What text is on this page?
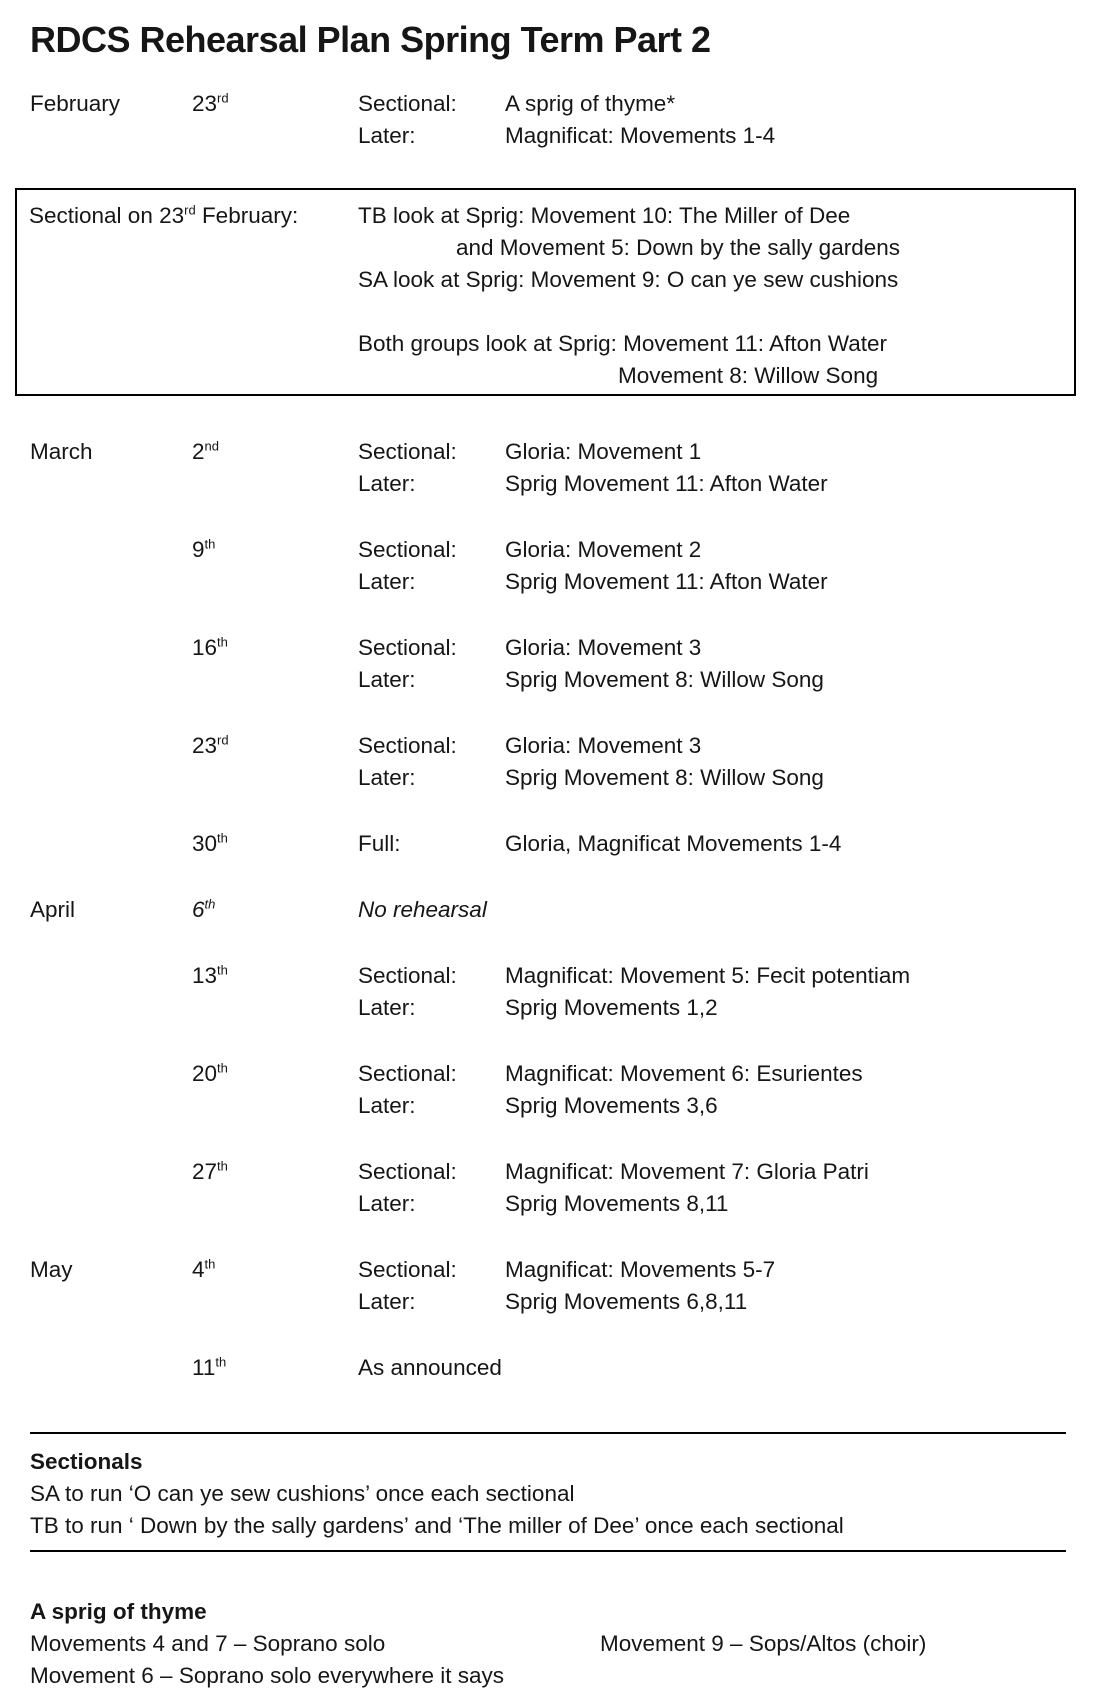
RDCS Rehearsal Plan Spring Term Part 2
February	23rd	Sectional:	A sprig of thyme*
Later:	Magnificat: Movements 1-4
Sectional on 23rd February:	TB look at Sprig: Movement 10: The Miller of Dee
and Movement 5: Down by the sally gardens
SA look at Sprig: Movement 9: O can ye sew cushions
Both groups look at Sprig: Movement 11: Afton Water
Movement 8: Willow Song
March	2nd	Sectional:	Gloria: Movement 1
Later:	Sprig Movement 11: Afton Water
9th	Sectional:	Gloria: Movement 2
Later:	Sprig Movement 11: Afton Water
16th	Sectional:	Gloria: Movement 3
Later:	Sprig Movement 8: Willow Song
23rd	Sectional:	Gloria: Movement 3
Later:	Sprig Movement 8: Willow Song
30th	Full:	Gloria, Magnificat Movements 1-4
April	6th	No rehearsal
13th	Sectional:	Magnificat: Movement 5: Fecit potentiam
Later:	Sprig Movements 1,2
20th	Sectional:	Magnificat: Movement 6: Esurientes
Later:	Sprig Movements 3,6
27th	Sectional:	Magnificat: Movement 7: Gloria Patri
Later:	Sprig Movements 8,11
May	4th	Sectional:	Magnificat: Movements 5-7
Later:	Sprig Movements 6,8,11
11th	As announced
Sectionals
SA to run ‘O can ye sew cushions’ once each sectional
TB to run ‘ Down by the sally gardens’ and ‘The miller of Dee’ once each sectional
A sprig of thyme
Movements 4 and 7 – Soprano solo	Movement 9 – Sops/Altos (choir)
Movement 6 – Soprano solo everywhere it says
